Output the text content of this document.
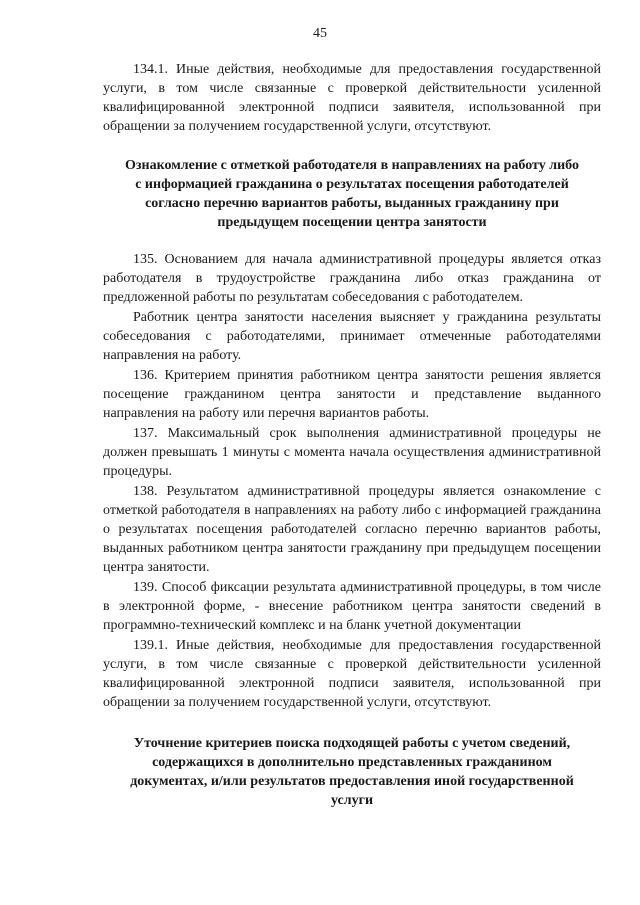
45

134.1. Иные действия, необходимые для предоставления государственной услуги, в том числе связанные с проверкой действительности усиленной квалифицированной электронной подписи заявителя, использованной при обращении за получением государственной услуги, отсутствуют.

Ознакомление с отметкой работодателя в направлениях на работу либо с информацией гражданина о результатах посещения работодателей согласно перечню вариантов работы, выданных гражданину при предыдущем посещении центра занятости

135. Основанием для начала административной процедуры является отказ работодателя в трудоустройстве гражданина либо отказ гражданина от предложенной работы по результатам собеседования с работодателем.

Работник центра занятости населения выясняет у гражданина результаты собеседования с работодателями, принимает отмеченные работодателями направления на работу.

136. Критерием принятия работником центра занятости решения является посещение гражданином центра занятости и представление выданного направления на работу или перечня вариантов работы.

137. Максимальный срок выполнения административной процедуры не должен превышать 1 минуты с момента начала осуществления административной процедуры.

138. Результатом административной процедуры является ознакомление с отметкой работодателя в направлениях на работу либо с информацией гражданина о результатах посещения работодателей согласно перечню вариантов работы, выданных работником центра занятости гражданину при предыдущем посещении центра занятости.

139. Способ фиксации результата административной процедуры, в том числе в электронной форме, - внесение работником центра занятости сведений в программно-технический комплекс и на бланк учетной документации

139.1. Иные действия, необходимые для предоставления государственной услуги, в том числе связанные с проверкой действительности усиленной квалифицированной электронной подписи заявителя, использованной при обращении за получением государственной услуги, отсутствуют.

Уточнение критериев поиска подходящей работы с учетом сведений, содержащихся в дополнительно представленных гражданином документах, и/или результатов предоставления иной государственной услуги
